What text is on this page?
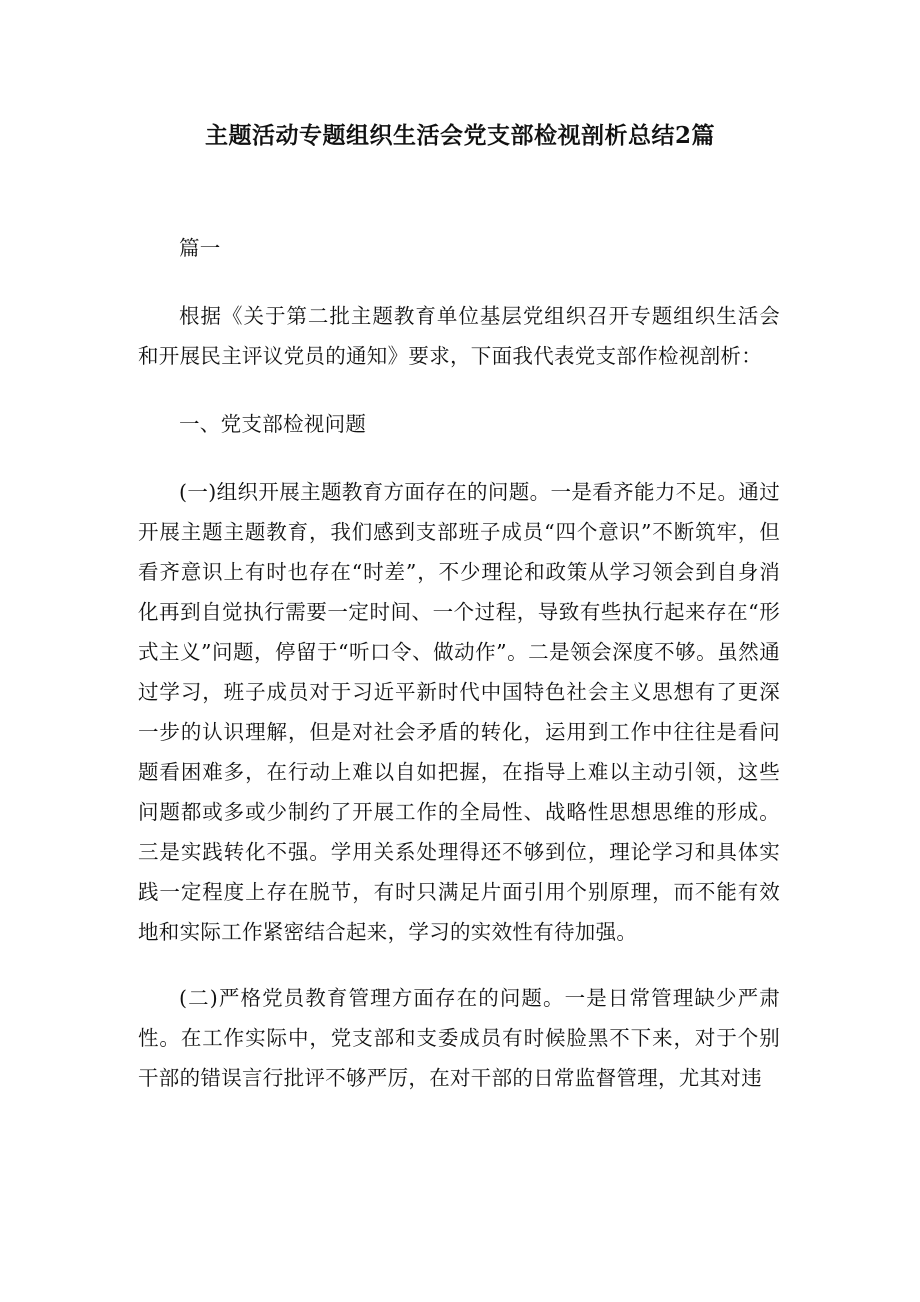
主题活动专题组织生活会党支部检视剖析总结2篇

篇一

根据《关于第二批主题教育单位基层党组织召开专题组织生活会和开展民主评议党员的通知》要求，下面我代表党支部作检视剖析：

一、党支部检视问题

(一)组织开展主题教育方面存在的问题。一是看齐能力不足。通过开展主题主题教育，我们感到支部班子成员“四个意识”不断筑牢，但看齐意识上有时也存在“时差”，不少理论和政策从学习领会到自身消化再到自觉执行需要一定时间、一个过程，导致有些执行起来存在“形式主义”问题，停留于“听口令、做动作”。二是领会深度不够。虽然通过学习，班子成员对于习近平新时代中国特色社会主义思想有了更深一步的认识理解，但是对社会矛盾的转化，运用到工作中往往是看问题看困难多，在行动上难以自如把握，在指导上难以主动引领，这些问题都或多或少制约了开展工作的全局性、战略性思想思维的形成。三是实践转化不强。学用关系处理得还不够到位，理论学习和具体实践一定程度上存在脱节，有时只满足片面引用个别原理，而不能有效地和实际工作紧密结合起来，学习的实效性有待加强。

(二)严格党员教育管理方面存在的问题。一是日常管理缺少严肃性。在工作实际中，党支部和支委成员有时候脸黑不下来，对于个别干部的错误言行批评不够严厉，在对干部的日常监督管理，尤其对违
